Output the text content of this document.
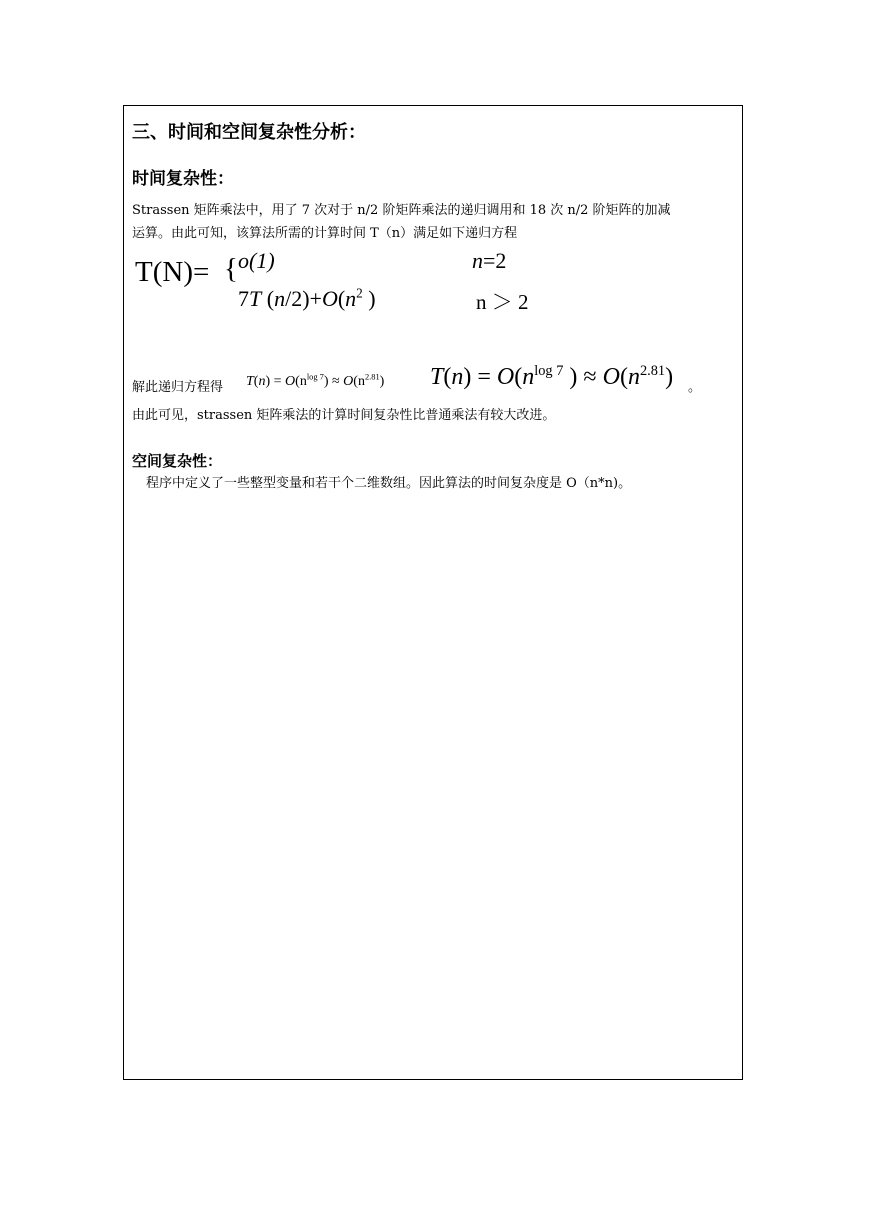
三、时间和空间复杂性分析：
时间复杂性：
Strassen 矩阵乘法中，用了 7 次对于 n/2 阶矩阵乘法的递归调用和 18 次 n/2 阶矩阵的加减
运算。由此可知，该算法所需的计算时间 T（n）满足如下递归方程
T(N)= { o(1)	n=2
7T $(n/2)+O(n^2$ )	n ＞ 2
解此递归方程得 $T(n) = O(n^{log 7}) \approx O(n^{2.81}) T(n) = O(n^{log 7}$ ) ≈ $O(n^{2.81})$ 。
由此可见，strassen 矩阵乘法的计算时间复杂性比普通乘法有较大改进。
空间复杂性：
程序中定义了一些整型变量和若干个二维数组。因此算法的时间复杂度是 O（n*n)。
